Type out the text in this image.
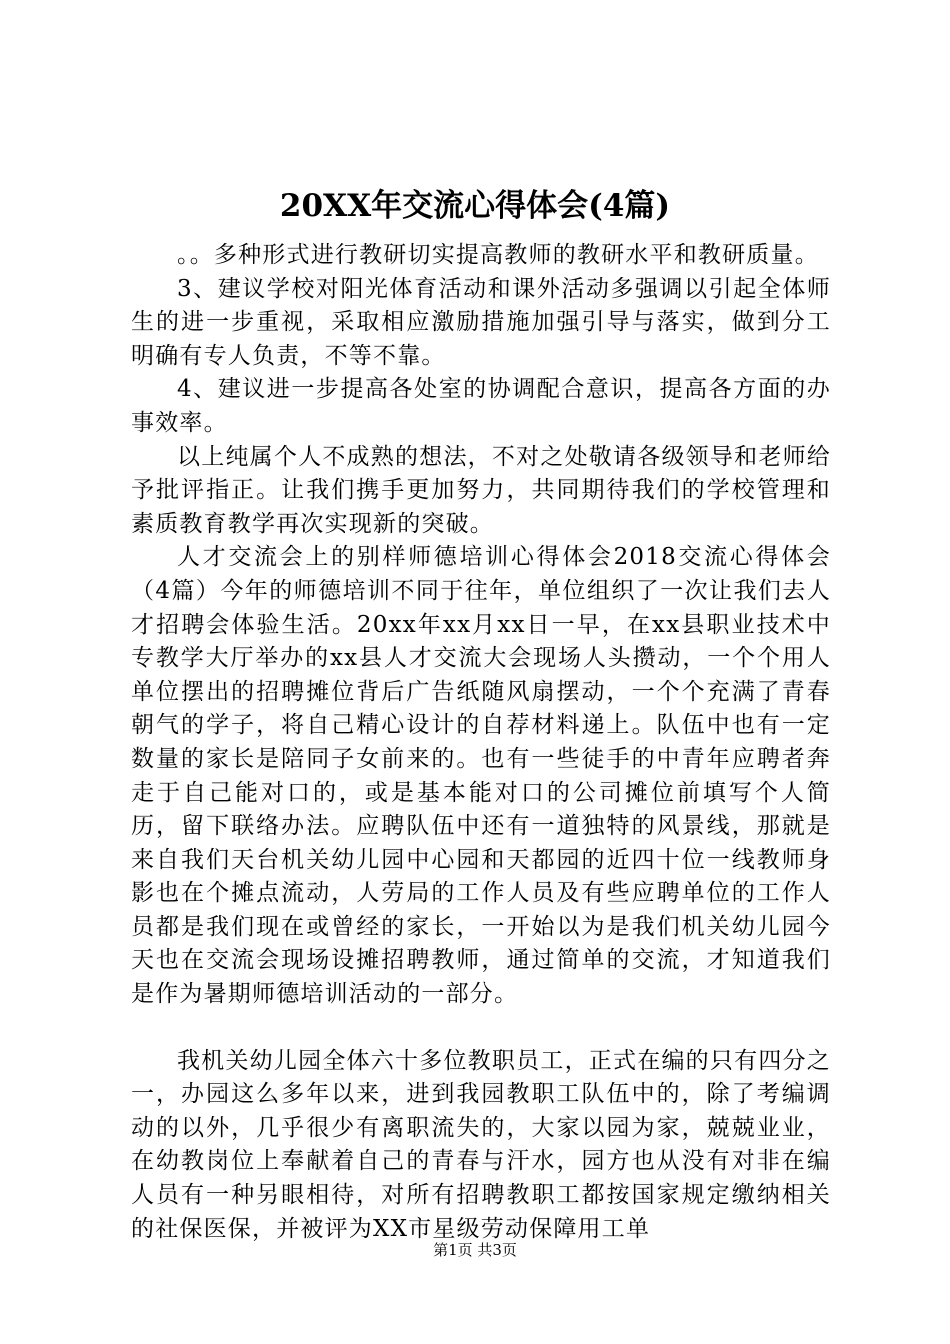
20XX年交流心得体会(4篇)

。。多种形式进行教研切实提高教师的教研水平和教研质量。

3、建议学校对阳光体育活动和课外活动多强调以引起全体师生的进一步重视，采取相应激励措施加强引导与落实，做到分工明确有专人负责，不等不靠。

4、建议进一步提高各处室的协调配合意识，提高各方面的办事效率。

以上纯属个人不成熟的想法，不对之处敬请各级领导和老师给予批评指正。让我们携手更加努力，共同期待我们的学校管理和素质教育教学再次实现新的突破。

人才交流会上的别样师德培训心得体会2018交流心得体会（4篇）今年的师德培训不同于往年，单位组织了一次让我们去人才招聘会体验生活。20xx年xx月xx日一早，在xx县职业技术中专教学大厅举办的xx县人才交流大会现场人头攒动，一个个用人单位摆出的招聘摊位背后广告纸随风扇摆动，一个个充满了青春朝气的学子，将自己精心设计的自荐材料递上。队伍中也有一定数量的家长是陪同子女前来的。也有一些徒手的中青年应聘者奔走于自己能对口的，或是基本能对口的公司摊位前填写个人简历，留下联络办法。应聘队伍中还有一道独特的风景线，那就是来自我们天台机关幼儿园中心园和天都园的近四十位一线教师身影也在个摊点流动，人劳局的工作人员及有些应聘单位的工作人员都是我们现在或曾经的家长，一开始以为是我们机关幼儿园今天也在交流会现场设摊招聘教师，通过简单的交流，才知道我们是作为暑期师德培训活动的一部分。

我机关幼儿园全体六十多位教职员工，正式在编的只有四分之一，办园这么多年以来，进到我园教职工队伍中的，除了考编调动的以外，几乎很少有离职流失的，大家以园为家，兢兢业业，在幼教岗位上奉献着自己的青春与汗水，园方也从没有对非在编人员有一种另眼相待，对所有招聘教职工都按国家规定缴纳相关的社保医保，并被评为XX市星级劳动保障用工单

第1页 共3页
